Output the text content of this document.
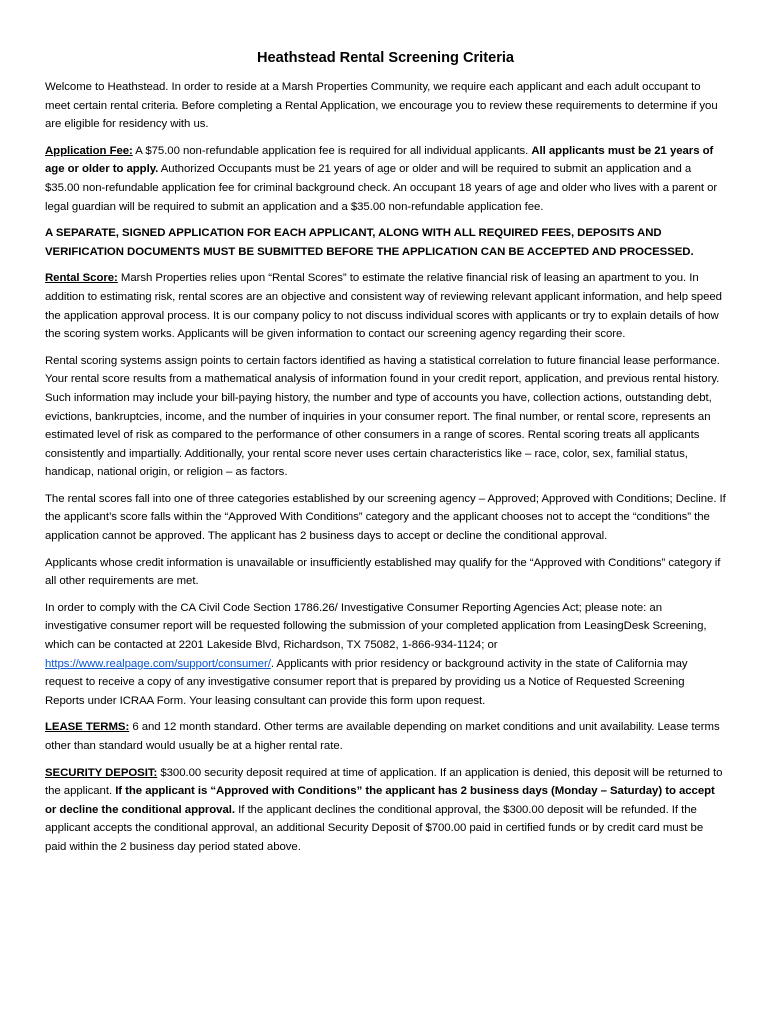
Heathstead Rental Screening Criteria

Welcome to Heathstead. In order to reside at a Marsh Properties Community, we require each applicant and each adult occupant to meet certain rental criteria. Before completing a Rental Application, we encourage you to review these requirements to determine if you are eligible for residency with us.

Application Fee: A $75.00 non-refundable application fee is required for all individual applicants. All applicants must be 21 years of age or older to apply. Authorized Occupants must be 21 years of age or older and will be required to submit an application and a $35.00 non-refundable application fee for criminal background check. An occupant 18 years of age and older who lives with a parent or legal guardian will be required to submit an application and a $35.00 non-refundable application fee.

A SEPARATE, SIGNED APPLICATION FOR EACH APPLICANT, ALONG WITH ALL REQUIRED FEES, DEPOSITS AND VERIFICATION DOCUMENTS MUST BE SUBMITTED BEFORE THE APPLICATION CAN BE ACCEPTED AND PROCESSED.

Rental Score: Marsh Properties relies upon “Rental Scores” to estimate the relative financial risk of leasing an apartment to you. In addition to estimating risk, rental scores are an objective and consistent way of reviewing relevant applicant information, and help speed the application approval process. It is our company policy to not discuss individual scores with applicants or try to explain details of how the scoring system works. Applicants will be given information to contact our screening agency regarding their score.

Rental scoring systems assign points to certain factors identified as having a statistical correlation to future financial lease performance. Your rental score results from a mathematical analysis of information found in your credit report, application, and previous rental history. Such information may include your bill-paying history, the number and type of accounts you have, collection actions, outstanding debt, evictions, bankruptcies, income, and the number of inquiries in your consumer report. The final number, or rental score, represents an estimated level of risk as compared to the performance of other consumers in a range of scores. Rental scoring treats all applicants consistently and impartially. Additionally, your rental score never uses certain characteristics like – race, color, sex, familial status, handicap, national origin, or religion – as factors.

The rental scores fall into one of three categories established by our screening agency – Approved; Approved with Conditions; Decline. If the applicant’s score falls within the “Approved With Conditions” category and the applicant chooses not to accept the “conditions” the application cannot be approved. The applicant has 2 business days to accept or decline the conditional approval.

Applicants whose credit information is unavailable or insufficiently established may qualify for the “Approved with Conditions” category if all other requirements are met.

In order to comply with the CA Civil Code Section 1786.26/ Investigative Consumer Reporting Agencies Act; please note: an investigative consumer report will be requested following the submission of your completed application from LeasingDesk Screening, which can be contacted at 2201 Lakeside Blvd, Richardson, TX 75082, 1-866-934-1124; or https://www.realpage.com/support/consumer/. Applicants with prior residency or background activity in the state of California may request to receive a copy of any investigative consumer report that is prepared by providing us a Notice of Requested Screening Reports under ICRAA Form. Your leasing consultant can provide this form upon request.

LEASE TERMS: 6 and 12 month standard. Other terms are available depending on market conditions and unit availability. Lease terms other than standard would usually be at a higher rental rate.

SECURITY DEPOSIT: $300.00 security deposit required at time of application. If an application is denied, this deposit will be returned to the applicant. If the applicant is “Approved with Conditions” the applicant has 2 business days (Monday – Saturday) to accept or decline the conditional approval. If the applicant declines the conditional approval, the $300.00 deposit will be refunded. If the applicant accepts the conditional approval, an additional Security Deposit of $700.00 paid in certified funds or by credit card must be paid within the 2 business day period stated above.
